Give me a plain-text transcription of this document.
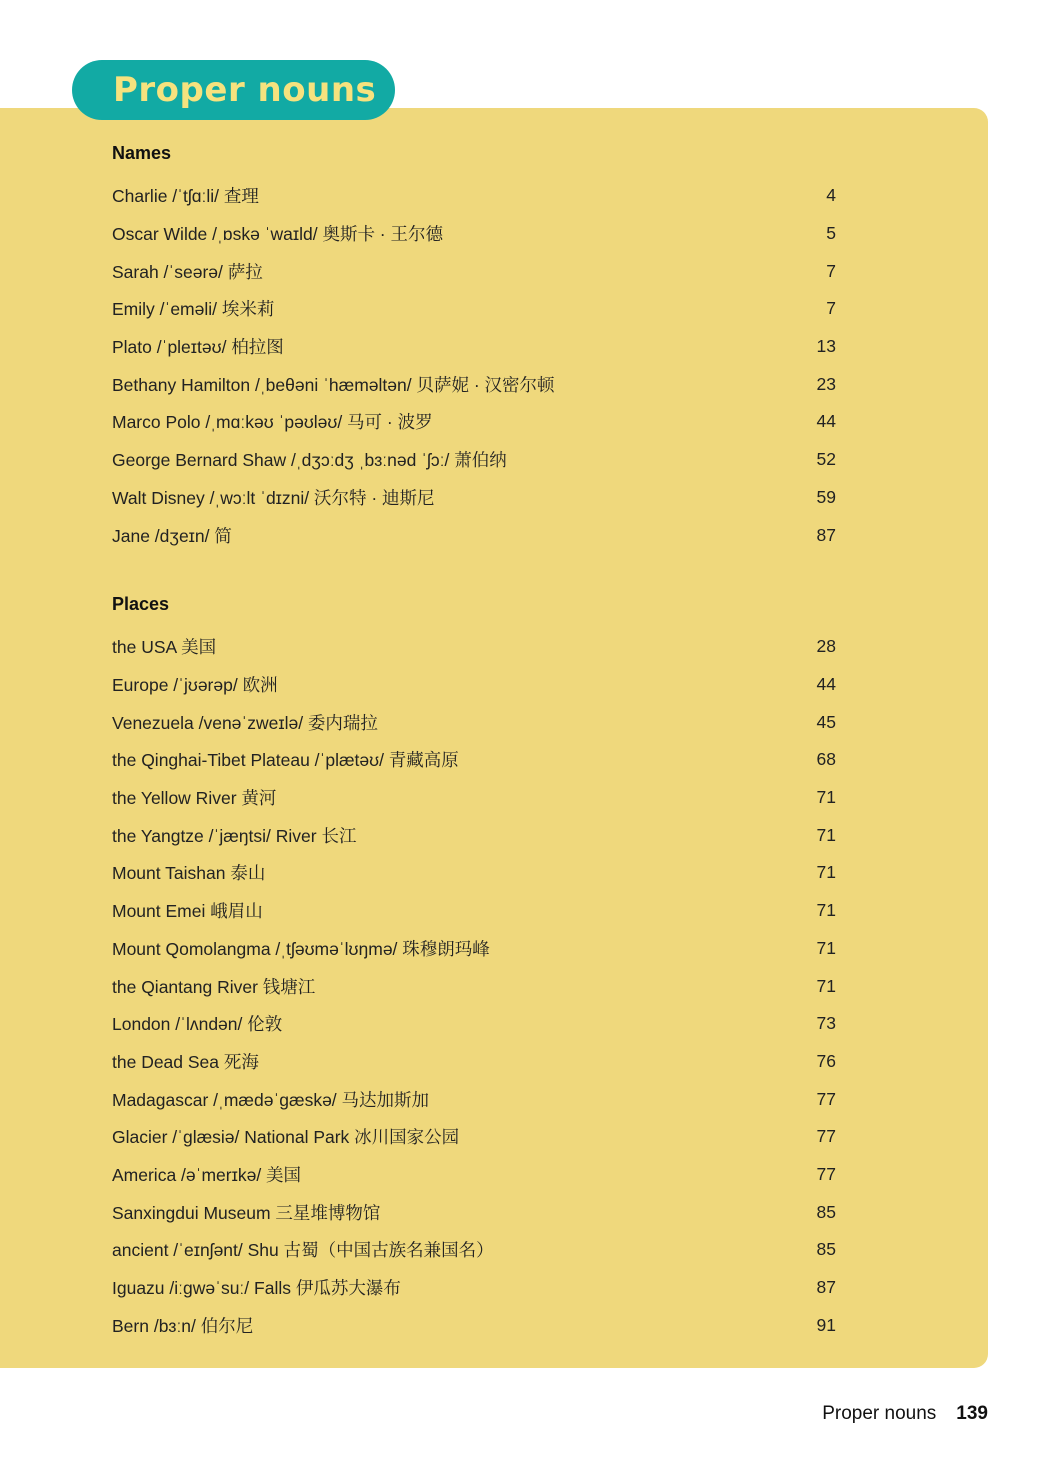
Proper nouns
Names
Charlie /ˈtʃɑːli/ 查理	4
Oscar Wilde /ˌɒskə ˈwaɪld/ 奥斯卡 · 王尔德	5
Sarah /ˈseərə/ 萨拉	7
Emily /ˈeməli/ 埃米莉	7
Plato /ˈpleɪtəʊ/ 柏拉图	13
Bethany Hamilton /ˌbeθəni ˈhæməltən/ 贝萨妮 · 汉密尔顿	23
Marco Polo /ˌmɑːkəʊ ˈpəʊləʊ/ 马可 · 波罗	44
George Bernard Shaw /ˌdʒɔːdʒ ˌbɜːnəd ˈʃɔː/ 萧伯纳	52
Walt Disney /ˌwɔːlt ˈdɪzni/ 沃尔特 · 迪斯尼	59
Jane /dʒeɪn/ 简	87
Places
the USA 美国	28
Europe /ˈjʊərəp/ 欧洲	44
Venezuela /venəˈzweɪlə/ 委内瑞拉	45
the Qinghai-Tibet Plateau /ˈplætəʊ/ 青藏高原	68
the Yellow River 黄河	71
the Yangtze /ˈjæŋtsi/ River 长江	71
Mount Taishan 泰山	71
Mount Emei 峨眉山	71
Mount Qomolangma /ˌtʃəʊməˈlʊŋmə/ 珠穆朗玛峰	71
the Qiantang River 钱塘江	71
London /ˈlʌndən/ 伦敦	73
the Dead Sea 死海	76
Madagascar /ˌmædəˈɡæskə/ 马达加斯加	77
Glacier /ˈɡlæsiə/ National Park 冰川国家公园	77
America /əˈmerɪkə/ 美国	77
Sanxingdui Museum 三星堆博物馆	85
ancient /ˈeɪnʃənt/ Shu 古蜀（中国古族名兼国名）	85
Iguazu /iːɡwəˈsuː/ Falls 伊瓜苏大瀑布	87
Bern /bɜːn/ 伯尔尼	91
Proper nouns 139
